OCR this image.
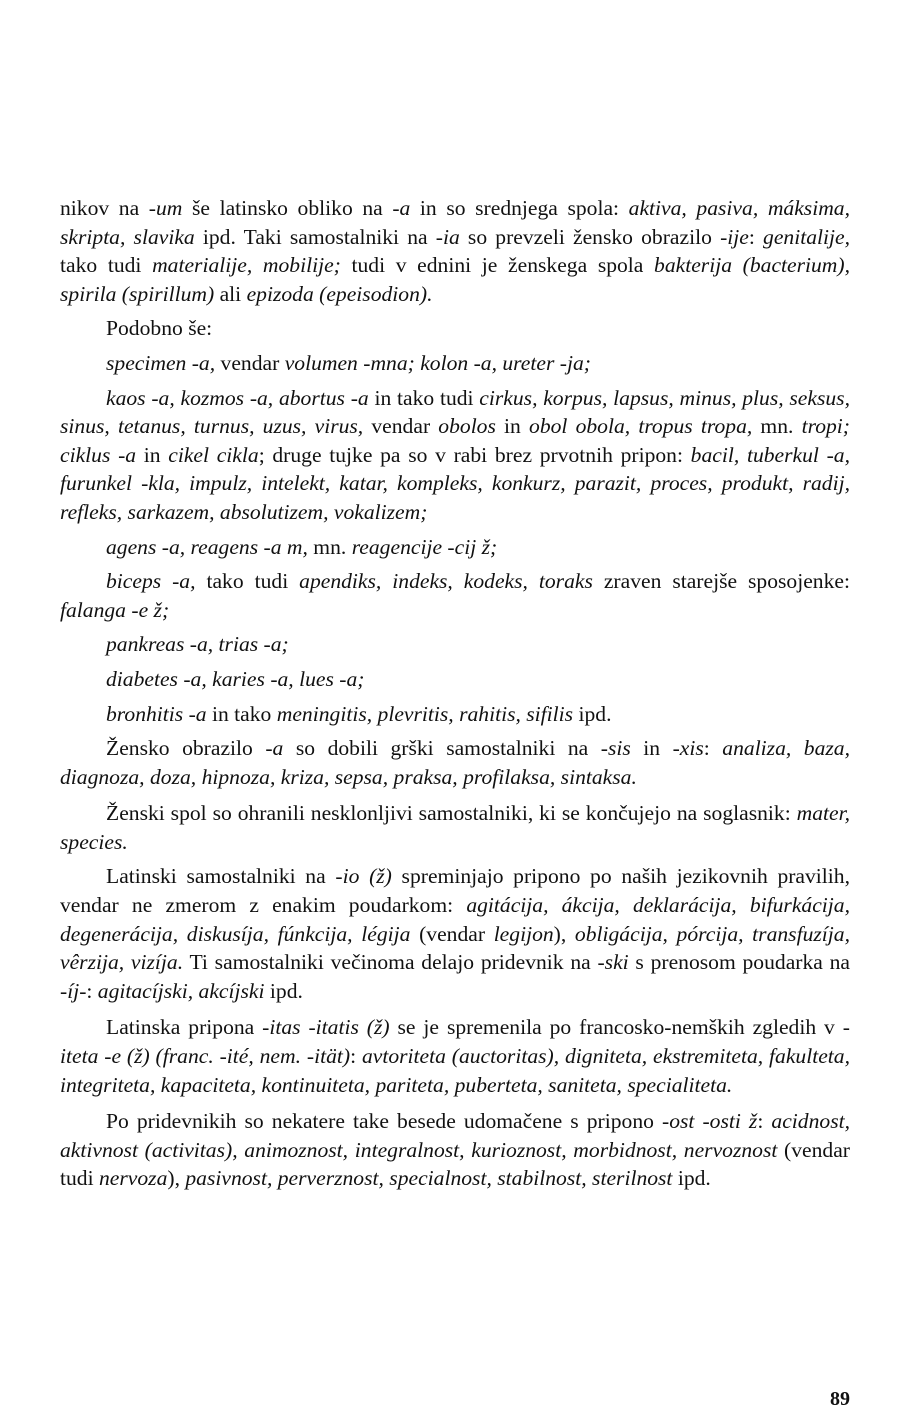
nikov na -um še latinsko obliko na -a in so srednjega spola: aktiva, pasiva, máksima, skripta, slavika ipd. Taki samostalniki na -ia so prevzeli žensko obrazilo -ije: genitalije, tako tudi materialije, mobilije; tudi v ednini je ženskega spola bakterija (bacterium), spirila (spirillum) ali epizoda (epeisodion).

Podobno še:

specimen -a, vendar volumen -mna; kolon -a, ureter -ja;

kaos -a, kozmos -a, abortus -a in tako tudi cirkus, korpus, lapsus, minus, plus, seksus, sinus, tetanus, turnus, uzus, virus, vendar obolos in obol obola, tropus tropa, mn. tropi; ciklus -a in cikel cikla; druge tujke pa so v rabi brez prvotnih pripon: bacil, tuberkul -a, furunkel -kla, impulz, intelekt, katar, kompleks, konkurz, parazit, proces, produkt, radij, refleks, sarkazem, absolutizem, vokalizem;

agens -a, reagens -a m, mn. reagencije -cij ž;

biceps -a, tako tudi apendiks, indeks, kodeks, toraks zraven starejše sposojenke: falanga -e ž;

pankreas -a, trias -a;

diabetes -a, karies -a, lues -a;

bronhitis -a in tako meningitis, plevritis, rahitis, sifilis ipd.

Žensko obrazilo -a so dobili grški samostalniki na -sis in -xis: analiza, baza, diagnoza, doza, hipnoza, kriza, sepsa, praksa, profilaksa, sintaksa.

Ženski spol so ohranili nesklonljivi samostalniki, ki se končujejo na soglasnik: mater, species.

Latinski samostalniki na -io (ž) spreminjajo pripono po naših jezikovnih pravilih, vendar ne zmerom z enakim poudarkom: agitácija, ákcija, deklarácija, bifurkácija, degenerácija, diskusíja, fúnkcija, légija (vendar legijon), obligácija, pórcija, transfuzíja, vêrzija, vizíja. Ti samostalniki večinoma delajo pridevnik na -ski s prenosom poudarka na -íj-: agitacíjski, akcíjski ipd.

Latinska pripona -itas -itatis (ž) se je spremenila po francosko-nemških zgledih v -iteta -e (ž) (franc. -ité, nem. -ität): avtoriteta (auctoritas), digniteta, ekstremiteta, fakulteta, integriteta, kapaciteta, kontinuiteta, pariteta, puberteta, saniteta, specialiteta.

Po pridevnikih so nekatere take besede udomačene s pripono -ost -osti ž: acidnost, aktivnost (activitas), animoznost, integralnost, kurioznost, morbidnost, nervoznost (vendar tudi nervoza), pasivnost, perverznost, specialnost, stabilnost, sterilnost ipd.

89
